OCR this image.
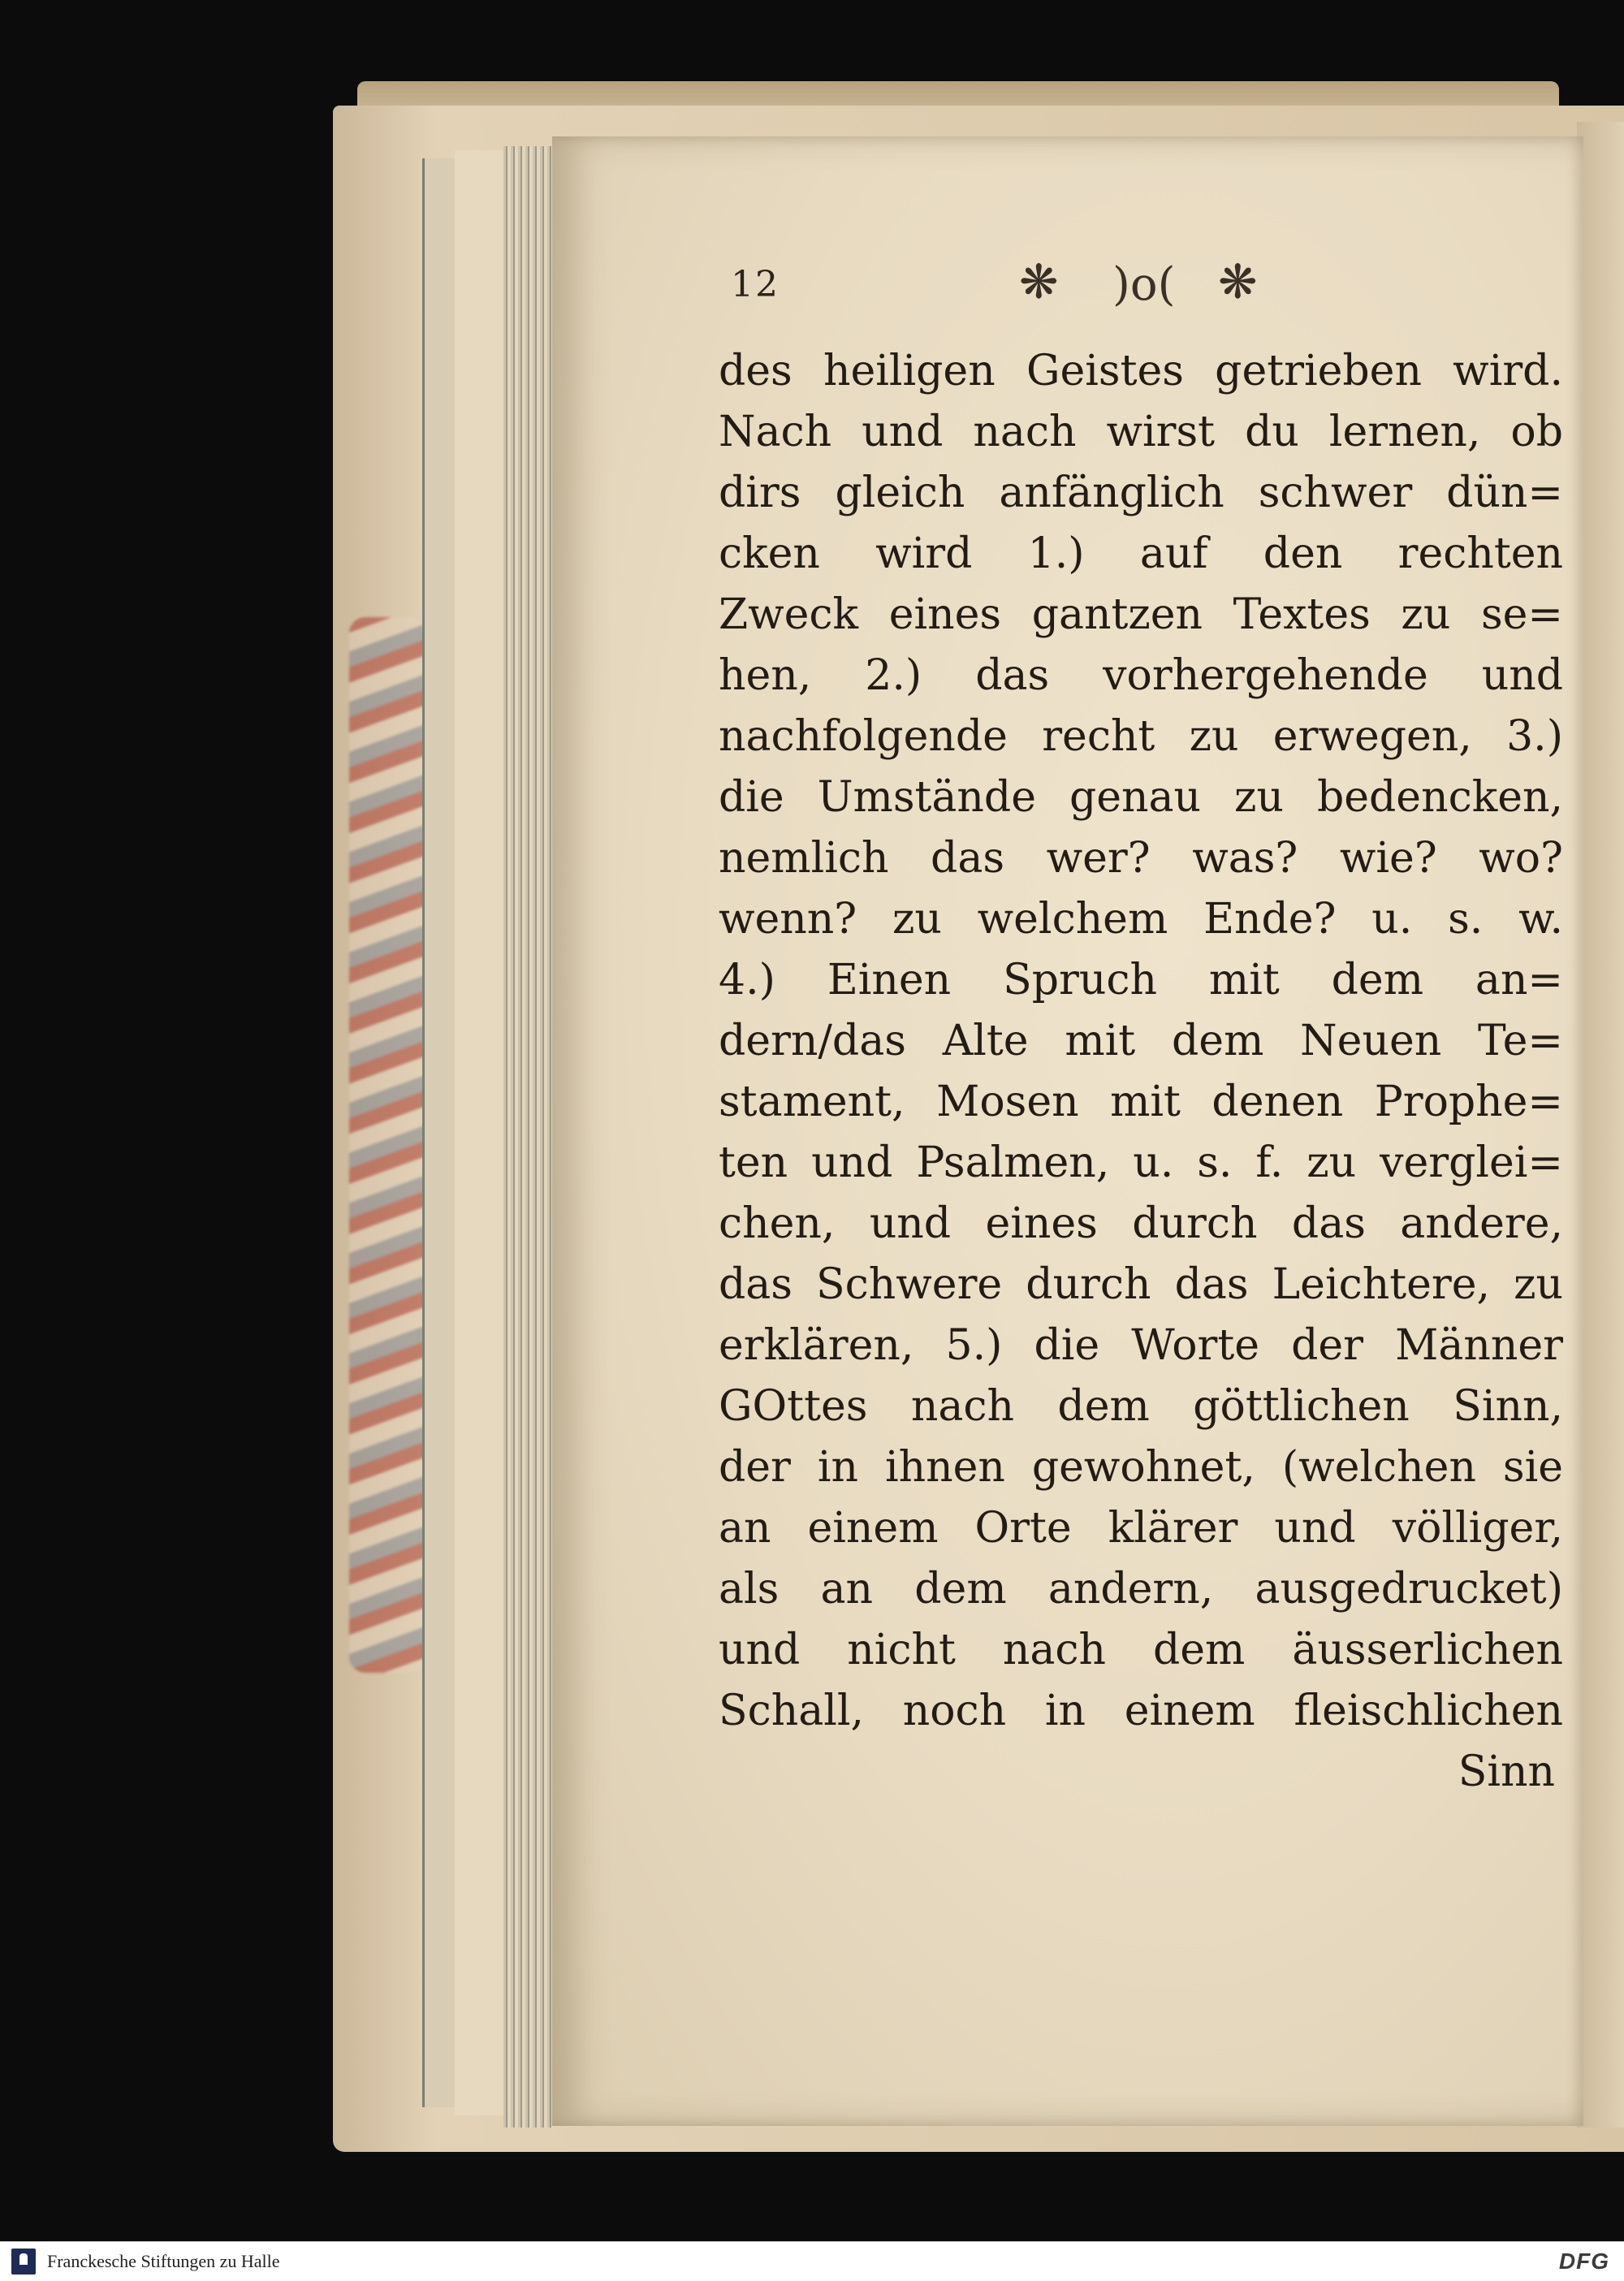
12	❋ )o( ❋
des heiligen Geistes getrieben wird.
Nach und nach wirst du lernen, ob
dirs gleich anfänglich schwer dün=
cken wird 1.) auf den rechten
Zweck eines gantzen Textes zu se=
hen, 2.) das vorhergehende und
nachfolgende recht zu erwegen, 3.)
die Umstände genau zu bedencken,
nemlich das wer? was? wie? wo?
wenn? zu welchem Ende? u. s. w.
4.) Einen Spruch mit dem an=
dern/das Alte mit dem Neuen Te=
stament, Mosen mit denen Prophe=
ten und Psalmen, u. s. f. zu verglei=
chen, und eines durch das andere,
das Schwere durch das Leichtere, zu
erklären, 5.) die Worte der Männer
GOttes nach dem göttlichen Sinn,
der in ihnen gewohnet, (welchen sie
an einem Orte klärer und völliger,
als an dem andern, ausgedrucket)
und nicht nach dem äusserlichen
Schall, noch in einem fleischlichen
Sinn
Franckesche Stiftungen zu Halle	DFG
